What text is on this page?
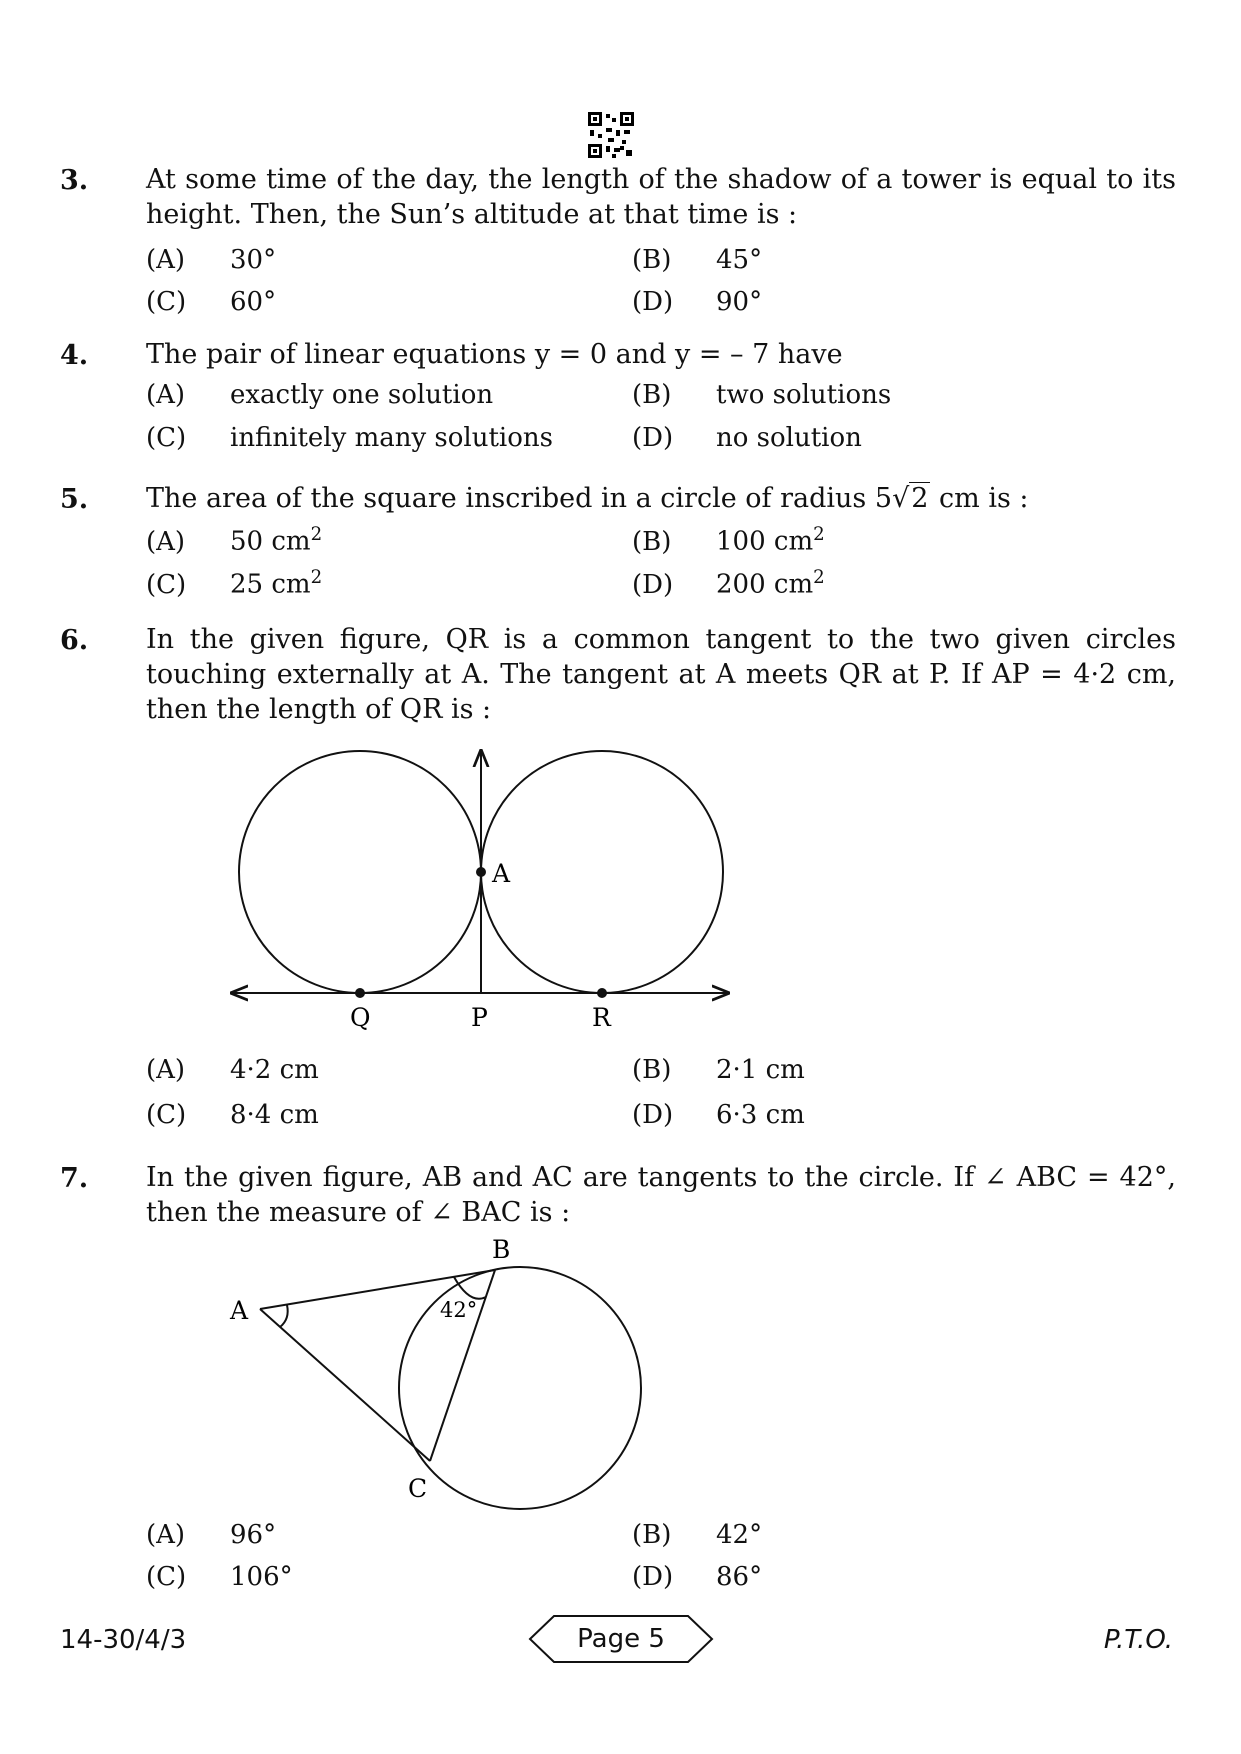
3. At some time of the day, the length of the shadow of a tower is equal to its height. Then, the Sun’s altitude at that time is :
(A) 30°	(B) 45°
(C) 60°	(D) 90°
4. The pair of linear equations y = 0 and y = – 7 have
(A) exactly one solution	(B) two solutions
(C) infinitely many solutions	(D) no solution
5. The area of the square inscribed in a circle of radius 5√2 cm is :
(A) 50 $cm^2$	(B) 100 $cm^2$
(C) 25 $cm^2$	(D) 200 $cm^2$
6. In the given figure, QR is a common tangent to the two given circles touching externally at A. The tangent at A meets QR at P. If AP = 4·2 cm, then the length of QR is :
A
Q	P	R
(A) 4·2 cm	(B) 2·1 cm
(C) 8·4 cm	(D) 6·3 cm
7. In the given figure, AB and AC are tangents to the circle. If ∠ ABC = 42°, then the measure of ∠ BAC is :
A
B
C
42°
(A) 96°	(B) 42°
(C) 106°	(D) 86°
14-30/4/3	Page 5	P.T.O.
